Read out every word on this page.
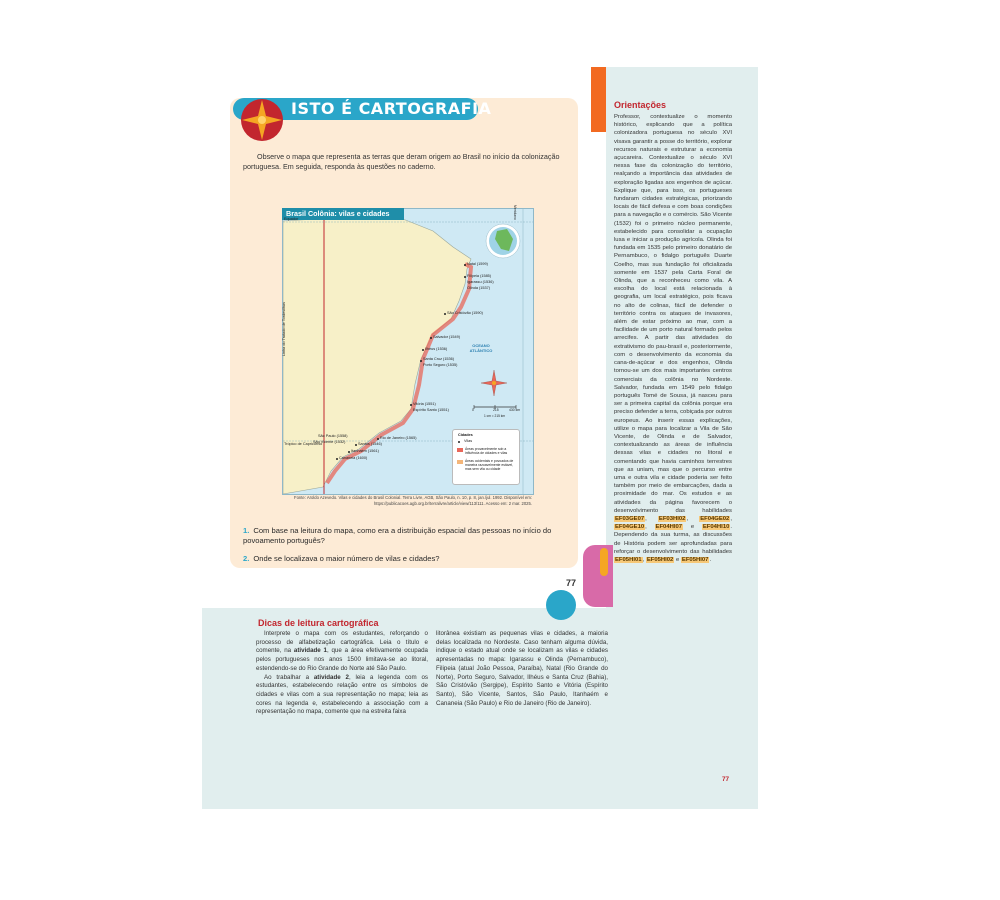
ISTO É CARTOGRAFIA
Observe o mapa que representa as terras que deram origem ao Brasil no início da colonização portuguesa. Em seguida, responda às questões no caderno.
Brasil Colônia: vilas e cidades
Equador
Trópico de Capricórnio
Linha do Tratado de Tordesilhas
Meridiano
OCEANO ATLÂNTICO
Natal (1599)
Filipeia (1585)
Igarassu (1536)
Olinda (1537)
São Cristóvão (1590)
Salvador (1549)
Ilhéus (1536)
Santa Cruz (1536)
Porto Seguro (1535)
Vitória (1551)
Espírito Santo (1551)
Rio de Janeiro (1565)
São Paulo (1558)
São Vicente (1532)	Santos (1546)
Itanhaém (1561)
Cananeia (1600)
0	215	430 km
1 cm = 215 km
Cidades
Vilas
Áreas provavelmente sob a influência de cidades e vilas
Áreas ocidentais e povoados de maneira razoavelmente estável, mas sem vila ou cidade
Fonte: Aroldo Azevedo. Vilas e cidades do Brasil Colonial. Terra Livre, AGB, São Paulo, n. 10, p. 8, jan./jul. 1992. Disponível em: https://publicacoes.agb.org.br/terralivre/article/view/113/111. Acesso em: 2 mar. 2025.
1. Com base na leitura do mapa, como era a distribuição espacial das pessoas no início do povoamento português?
2. Onde se localizava o maior número de vilas e cidades?
77
Orientações
Professor, contextualize o momento histórico, explicando que a política colonizadora portuguesa no século XVI visava garantir a posse do território, explorar recursos naturais e estruturar a economia açucareira. Contextualize o século XVI nessa fase da colonização do território, realçando a importância das atividades de exploração ligadas aos engenhos de açúcar. Explique que, para isso, os portugueses fundaram cidades estratégicas, priorizando locais de fácil defesa e com boas condições para a navegação e o comércio. São Vicente (1532) foi o primeiro núcleo permanente, estabelecido para consolidar a ocupação lusa e iniciar a produção agrícola. Olinda foi fundada em 1535 pelo primeiro donatário de Pernambuco, o fidalgo português Duarte Coelho, mas sua fundação foi oficializada somente em 1537 pela Carta Foral de Olinda, que a reconheceu como vila. A escolha do local está relacionada à geografia, um local estratégico, pois ficava no alto de colinas, fácil de defender o território contra os ataques de invasores, além de estar próximo ao mar, com a facilidade de um porto natural formado pelos arrecifes. A partir das atividades do extrativismo do pau-brasil e, posteriormente, com o desenvolvimento da economia da cana-de-açúcar e dos engenhos, Olinda tornou-se um dos mais importantes centros comerciais da colônia no Nordeste. Salvador, fundada em 1549 pelo fidalgo português Tomé de Sousa, já nasceu para ser a primeira capital da colônia porque era preciso defender a terra, cobiçada por outros europeus. Ao inserir essas explicações, utilize o mapa para localizar a Vila de São Vicente, de Olinda e de Salvador, contextualizando as áreas de influência dessas vilas e cidades no litoral e comentando que havia caminhos terrestres que as uniam, mas que o percurso entre uma e outra vila e cidade poderia ser feito também por meio de embarcações, dada a proximidade do mar. Os estudos e as atividades da página favorecem o desenvolvimento das habilidades EF03GE07, EF03HI02, EF04GE02, EF04GE10, EF04HI07 e EF04HI10. Dependendo da sua turma, as discussões de História podem ser aprofundadas para reforçar o desenvolvimento das habilidades EF05HI01, EF05HI02 e EF05HI07.
Dicas de leitura cartográfica
Interprete o mapa com os estudantes, reforçando o processo de alfabetização cartográfica. Leia o título e comente, na atividade 1, que a área efetivamente ocupada pelos portugueses nos anos 1500 limitava-se ao litoral, estendendo-se do Rio Grande do Norte até São Paulo.
Ao trabalhar a atividade 2, leia a legenda com os estudantes, estabelecendo relação entre os símbolos de cidades e vilas com a sua representação no mapa; leia as cores na legenda e, estabelecendo a associação com a representação no mapa, comente que na estreita faixa
litorânea existiam as pequenas vilas e cidades, a maioria delas localizada no Nordeste. Caso tenham alguma dúvida, indique o estado atual onde se localizam as vilas e cidades apresentadas no mapa: Igarassu e Olinda (Pernambuco), Filipeia (atual João Pessoa, Paraíba), Natal (Rio Grande do Norte), Porto Seguro, Salvador, Ilhéus e Santa Cruz (Bahia), São Cristóvão (Sergipe), Espírito Santo e Vitória (Espírito Santo), São Vicente, Santos, São Paulo, Itanhaém e Cananeia (São Paulo) e Rio de Janeiro (Rio de Janeiro).
77
